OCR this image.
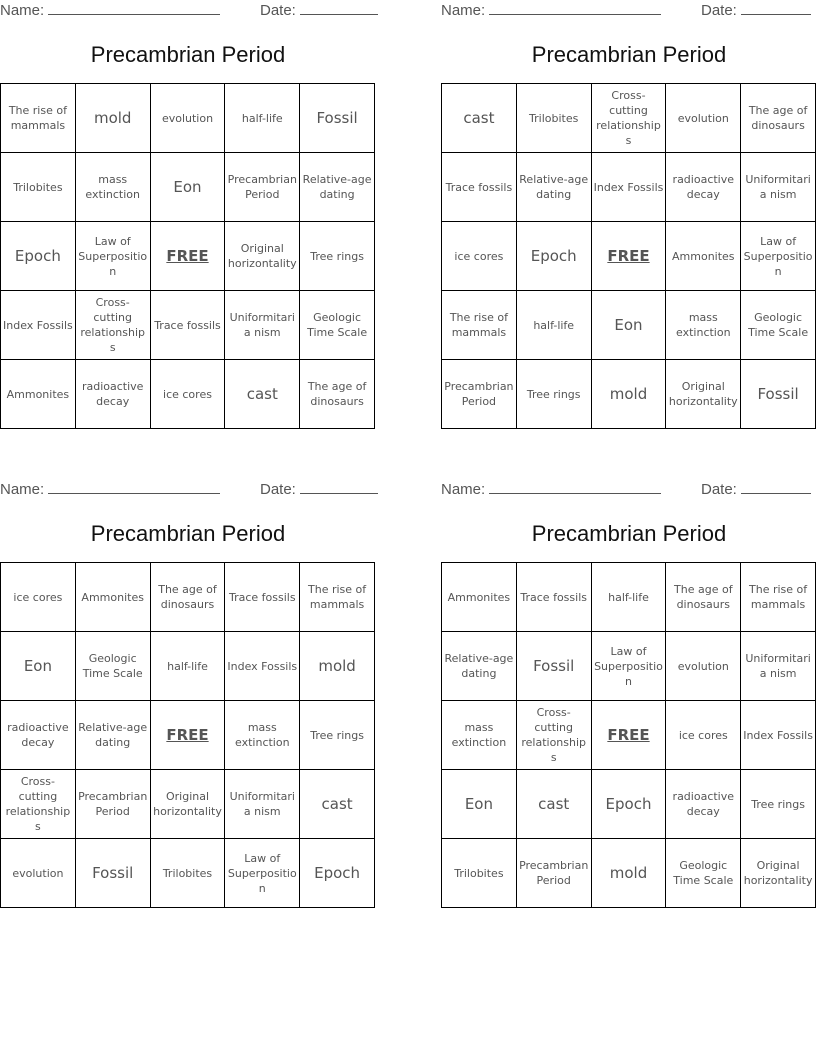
Name:	Date:
Precambrian Period
The rise of mammals	mold	evolution	half-life	Fossil
Trilobites	mass extinction	Eon	Precambrian Period	Relative-age dating
Epoch	Law of Superposition	FREE	Original horizontality	Tree rings
Index Fossils	Cross-cutting relationships	Trace fossils	Uniformitaria nism	Geologic Time Scale
Ammonites	radioactive decay	ice cores	cast	The age of dinosaurs
Name:	Date:
Precambrian Period
cast	Trilobites	Cross-cutting relationships	evolution	The age of dinosaurs
Trace fossils	Relative-age dating	Index Fossils	radioactive decay	Uniformitaria nism
ice cores	Epoch	FREE	Ammonites	Law of Superposition
The rise of mammals	half-life	Eon	mass extinction	Geologic Time Scale
Precambrian Period	Tree rings	mold	Original horizontality	Fossil
Name:	Date:
Precambrian Period
ice cores	Ammonites	The age of dinosaurs	Trace fossils	The rise of mammals
Eon	Geologic Time Scale	half-life	Index Fossils	mold
radioactive decay	Relative-age dating	FREE	mass extinction	Tree rings
Cross-cutting relationships	Precambrian Period	Original horizontality	Uniformitaria nism	cast
evolution	Fossil	Trilobites	Law of Superposition	Epoch
Name:	Date:
Precambrian Period
Ammonites	Trace fossils	half-life	The age of dinosaurs	The rise of mammals
Relative-age dating	Fossil	Law of Superposition	evolution	Uniformitaria nism
mass extinction	Cross-cutting relationships	FREE	ice cores	Index Fossils
Eon	cast	Epoch	radioactive decay	Tree rings
Trilobites	Precambrian Period	mold	Geologic Time Scale	Original horizontality
